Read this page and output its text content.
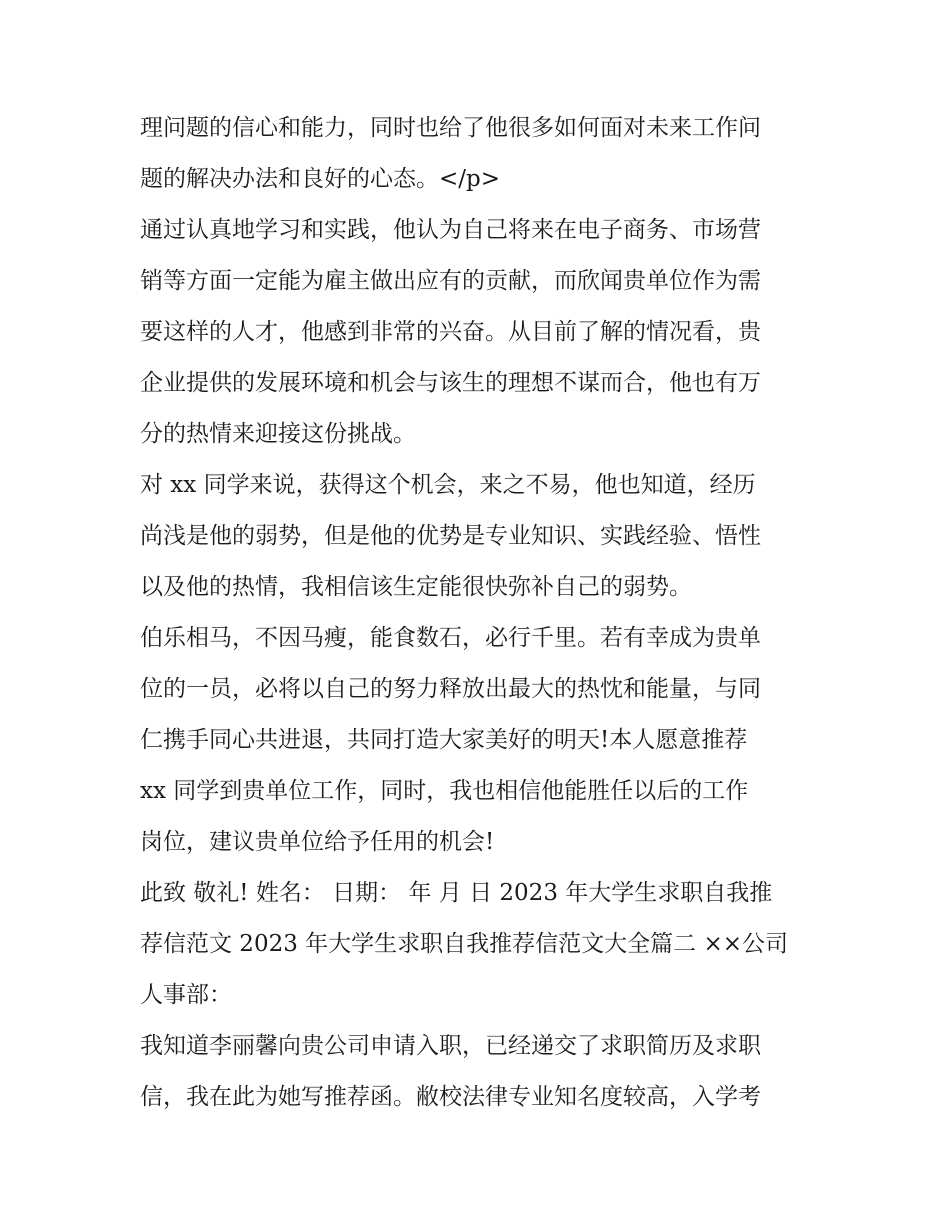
理问题的信心和能力，同时也给了他很多如何面对未来工作问
题的解决办法和良好的心态。</p>
通过认真地学习和实践，他认为自己将来在电子商务、市场营
销等方面一定能为雇主做出应有的贡献，而欣闻贵单位作为需
要这样的人才，他感到非常的兴奋。从目前了解的情况看，贵
企业提供的发展环境和机会与该生的理想不谋而合，他也有万
分的热情来迎接这份挑战。
对 xx 同学来说，获得这个机会，来之不易，他也知道，经历
尚浅是他的弱势，但是他的优势是专业知识、实践经验、悟性
以及他的热情，我相信该生定能很快弥补自己的弱势。
伯乐相马，不因马瘦，能食数石，必行千里。若有幸成为贵单
位的一员，必将以自己的努力释放出最大的热忱和能量，与同
仁携手同心共进退，共同打造大家美好的明天!本人愿意推荐
xx 同学到贵单位工作，同时，我也相信他能胜任以后的工作
岗位，建议贵单位给予任用的机会!
此致 敬礼! 姓名： 日期： 年 月 日 2023 年大学生求职自我推
荐信范文 2023 年大学生求职自我推荐信范文大全篇二 ××公司
人事部：
我知道李丽馨向贵公司申请入职，已经递交了求职简历及求职
信，我在此为她写推荐函。敝校法律专业知名度较高，入学考
